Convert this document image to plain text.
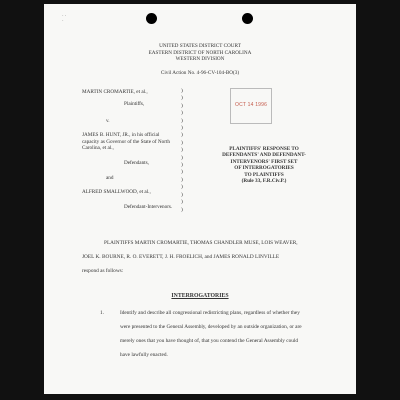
· ·
·
UNITED STATES DISTRICT COURT
EASTERN DISTRICT OF NORTH CAROLINA
WESTERN DIVISION
Civil Action No. 4-96-CV-104-BO(3)
MARTIN CROMARTIE, et al.,
Plaintiffs,
v.
JAMES B. HUNT, JR., in his official
capacity as Governor of the State of North
Carolina, et al.,
Defendants,
and
ALFRED SMALLWOOD, et al.,
Defendant-Intervenors.
)
)
)
)
)
)
)
)
)
)
)
)
)
)
)
)
)
OCT 14 1996
PLAINTIFFS' RESPONSE TO
DEFENDANTS' AND DEFENDANT-
INTERVENORS' FIRST SET
OF INTERROGATORIES
TO PLAINTIFFS
(Rule 33, F.R.Civ.P.)
PLAINTIFFS MARTIN CROMARTIE, THOMAS CHANDLER MUSE, LOIS WEAVER,
JOEL K. BOURNE, R. O. EVERETT, J. H. FROELICH, and JAMES RONALD LINVILLE
respond as follows:
INTERROGATORIES
1.	Identify and describe all congressional redistricting plans, regardless of whether they
were presented to the General Assembly, developed by an outside organization, or are
merely ones that you have thought of, that you contend the General Assembly could
have lawfully enacted.
